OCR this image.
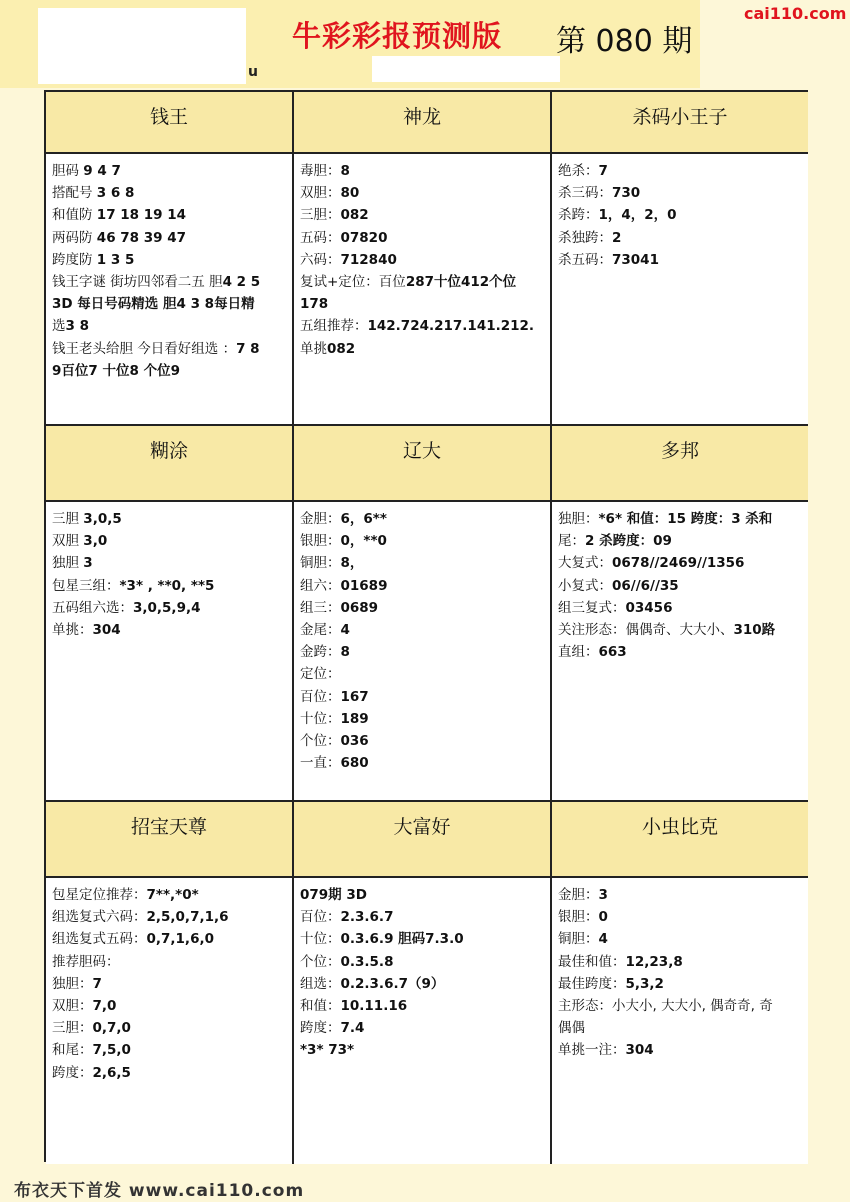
牛彩彩报预测版 第 080 期
u
cai110.com
钱王
胆码 9 4 7
搭配号 3 6 8
和值防 17 18 19 14
两码防 46 78 39 47
跨度防 1 3 5
钱王字谜 街坊四邻看二五 胆4 2 5
3D 每日号码精选 胆4 3 8每日精
选3 8
钱王老头给胆 今日看好组选 ：7 8
9百位7 十位8 个位9
神龙
毒胆：8
双胆：80
三胆：082
五码：07820
六码：712840
复试+定位：百位287十位412个位
178
五组推荐：142.724.217.141.212.
单挑082
杀码小王子
绝杀：7
杀三码：730
杀跨：1，4，2，0
杀独跨：2
杀五码：73041
糊涂
三胆 3,0,5
双胆 3,0
独胆 3
包星三组：*3* , **0, **5
五码组六选：3,0,5,9,4
单挑：304
辽大
金胆：6，6**
银胆：0，**0
铜胆：8，
组六：01689
组三：0689
金尾：4
金跨：8
定位：
百位：167
十位：189
个位：036
一直：680
多邦
独胆：*6* 和值：15 跨度：3 杀和
尾：2 杀跨度：09
大复式：0678//2469//1356
小复式：06//6//35
组三复式：03456
关注形态：偶偶奇、大大小、310路
直组：663
招宝天尊
包星定位推荐：7**,*0*
组选复式六码：2,5,0,7,1,6
组选复式五码：0,7,1,6,0
推荐胆码：
独胆：7
双胆：7,0
三胆：0,7,0
和尾：7,5,0
跨度：2,6,5
大富好
079期 3D
百位：2.3.6.7
十位：0.3.6.9 胆码7.3.0
个位：0.3.5.8
组选：0.2.3.6.7（9）
和值：10.11.16
跨度：7.4
*3* 73*
小虫比克
金胆：3
银胆：0
铜胆：4
最佳和值：12,23,8
最佳跨度：5,3,2
主形态：小大小, 大大小, 偶奇奇, 奇
偶偶
单挑一注：304
布衣天下首发 www.cai110.com
